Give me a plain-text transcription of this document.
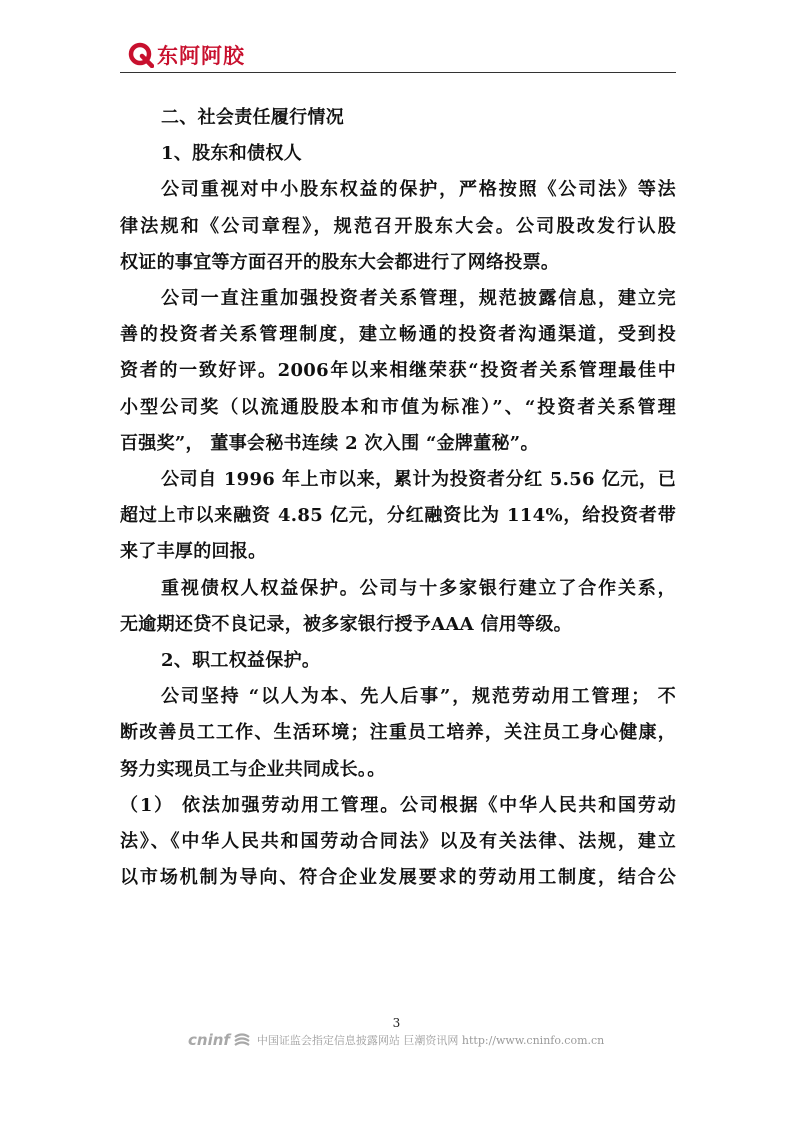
东阿阿胶
二、社会责任履行情况
1、股东和债权人
公司重视对中小股东权益的保护，严格按照《公司法》等法
律法规和《公司章程》，规范召开股东大会。公司股改发行认股
权证的事宜等方面召开的股东大会都进行了网络投票。
公司一直注重加强投资者关系管理，规范披露信息，建立完
善的投资者关系管理制度，建立畅通的投资者沟通渠道，受到投
资者的一致好评。2006年以来相继荣获“投资者关系管理最佳中
小型公司奖（以流通股股本和市值为标准）”、“投资者关系管理
百强奖”， 董事会秘书连续 2 次入围 “金牌董秘”。
公司自 1996 年上市以来，累计为投资者分红 5.56 亿元，已
超过上市以来融资 4.85 亿元，分红融资比为 114%，给投资者带
来了丰厚的回报。
重视债权人权益保护。公司与十多家银行建立了合作关系，
无逾期还贷不良记录，被多家银行授予AAA 信用等级。
2、职工权益保护。
公司坚持 “以人为本、先人后事”，规范劳动用工管理； 不
断改善员工工作、生活环境；注重员工培养，关注员工身心健康，
努力实现员工与企业共同成长。。
（1） 依法加强劳动用工管理。公司根据《中华人民共和国劳动
法》、《中华人民共和国劳动合同法》以及有关法律、法规，建立
以市场机制为导向、符合企业发展要求的劳动用工制度，结合公
3
cninf 中国证监会指定信息披露网站 巨潮资讯网 http://www.cninfo.com.cn
